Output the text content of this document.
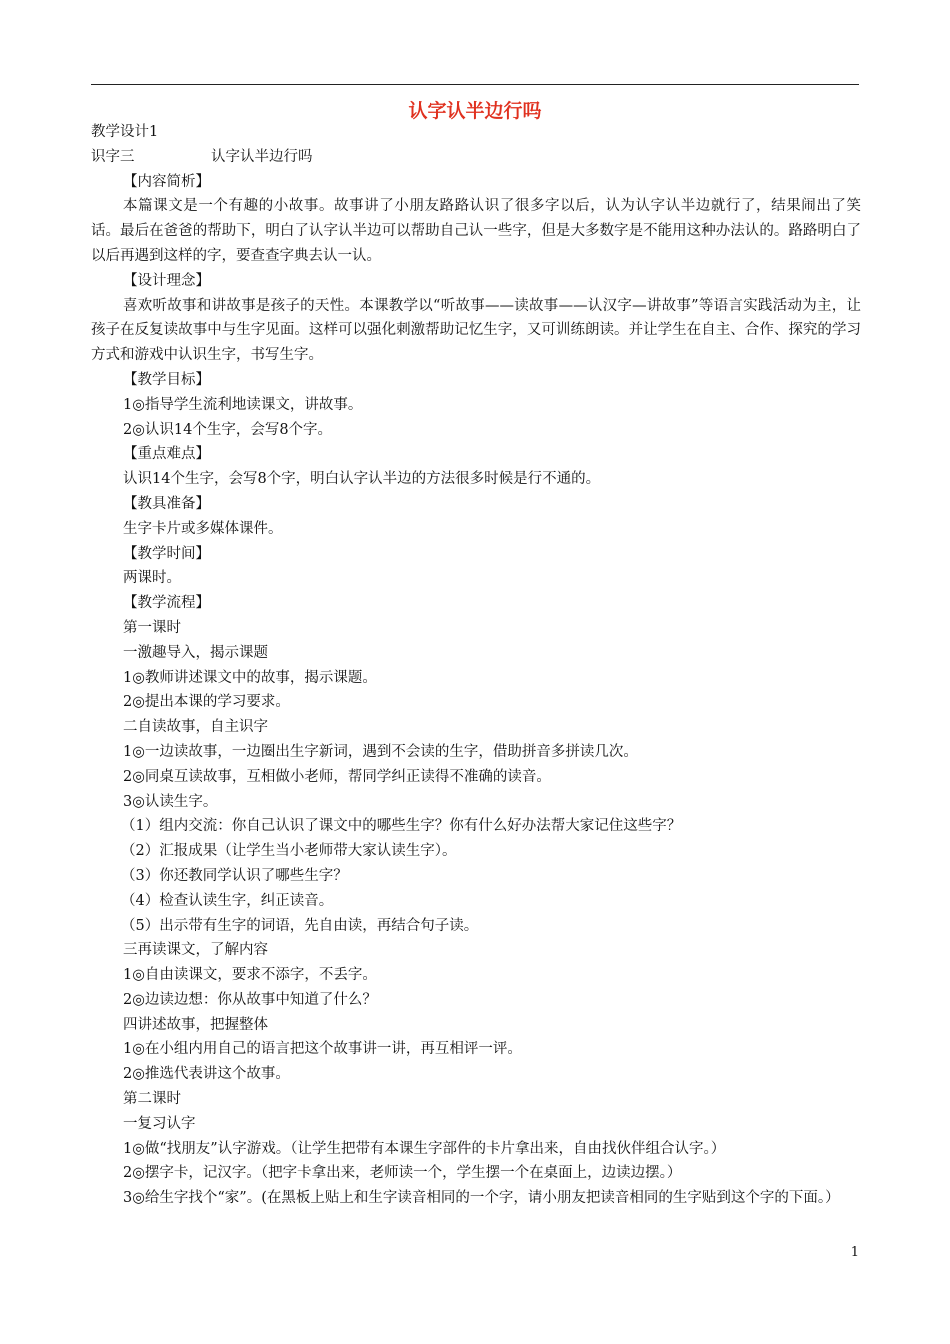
认字认半边行吗

教学设计1

识字三	认字认半边行吗

【内容简析】

本篇课文是一个有趣的小故事。故事讲了小朋友路路认识了很多字以后，认为认字认半边就行了，结果闹出了笑话。最后在爸爸的帮助下，明白了认字认半边可以帮助自己认一些字，但是大多数字是不能用这种办法认的。路路明白了以后再遇到这样的字，要查查字典去认一认。

【设计理念】

喜欢听故事和讲故事是孩子的天性。本课教学以“听故事——读故事——认汉字—讲故事”等语言实践活动为主，让孩子在反复读故事中与生字见面。这样可以强化刺激帮助记忆生字，又可训练朗读。并让学生在自主、合作、探究的学习方式和游戏中认识生字，书写生字。

【教学目标】

1◎指导学生流利地读课文，讲故事。

2◎认识14个生字，会写8个字。

【重点难点】

认识14个生字，会写8个字，明白认字认半边的方法很多时候是行不通的。

【教具准备】

生字卡片或多媒体课件。

【教学时间】

两课时。

【教学流程】

第一课时

一激趣导入，揭示课题

1◎教师讲述课文中的故事，揭示课题。

2◎提出本课的学习要求。

二自读故事，自主识字

1◎一边读故事，一边圈出生字新词，遇到不会读的生字，借助拼音多拼读几次。

2◎同桌互读故事，互相做小老师，帮同学纠正读得不准确的读音。

3◎认读生字。

（1）组内交流：你自己认识了课文中的哪些生字？你有什么好办法帮大家记住这些字？

（2）汇报成果（让学生当小老师带大家认读生字）。

（3）你还教同学认识了哪些生字？

（4）检查认读生字，纠正读音。

（5）出示带有生字的词语，先自由读，再结合句子读。

三再读课文，了解内容

1◎自由读课文，要求不添字，不丢字。

2◎边读边想：你从故事中知道了什么？

四讲述故事，把握整体

1◎在小组内用自己的语言把这个故事讲一讲，再互相评一评。

2◎推选代表讲这个故事。

第二课时

一复习认字

1◎做“找朋友”认字游戏。（让学生把带有本课生字部件的卡片拿出来，自由找伙伴组合认字。）

2◎摆字卡，记汉字。（把字卡拿出来，老师读一个，学生摆一个在桌面上，边读边摆。）

3◎给生字找个“家”。(在黑板上贴上和生字读音相同的一个字，请小朋友把读音相同的生字贴到这个字的下面。）

1
